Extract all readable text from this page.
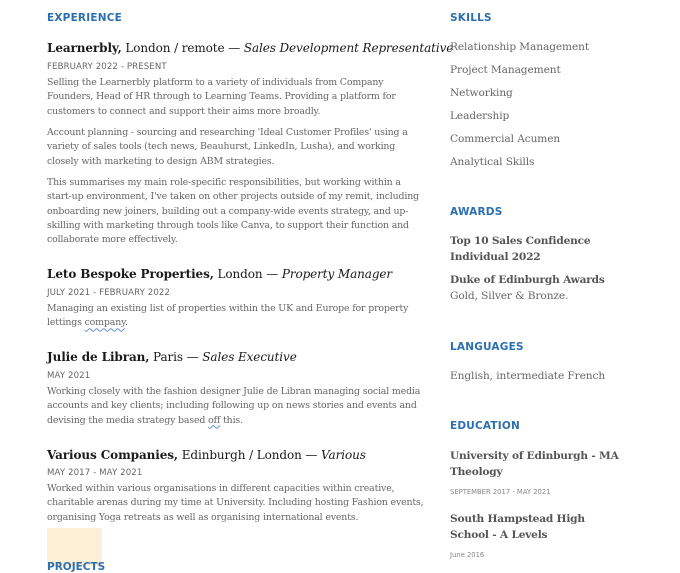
EXPERIENCE
Learnerbly, London / remote — Sales Development Representative
FEBRUARY 2022 - PRESENT
Selling the Learnerbly platform to a variety of individuals from Company Founders, Head of HR through to Learning Teams. Providing a platform for customers to connect and support their aims more broadly.
Account planning - sourcing and researching 'Ideal Customer Profiles' using a variety of sales tools (tech news, Beauhurst, LinkedIn, Lusha), and working closely with marketing to design ABM strategies.
This summarises my main role-specific responsibilities, but working within a start-up environment, I've taken on other projects outside of my remit, including onboarding new joiners, building out a company-wide events strategy, and up-skilling with marketing through tools like Canva, to support their function and collaborate more effectively.
Leto Bespoke Properties, London — Property Manager
JULY 2021 - FEBRUARY 2022
Managing an existing list of properties within the UK and Europe for property lettings company.
Julie de Libran, Paris — Sales Executive
MAY 2021
Working closely with the fashion designer Julie de Libran managing social media accounts and key clients; including following up on news stories and events and devising the media strategy based off this.
Various Companies, Edinburgh / London — Various
MAY 2017 - MAY 2021
Worked within various organisations in different capacities within creative, charitable arenas during my time at University. Including hosting Fashion events, organising Yoga retreats as well as organising international events.
PROJECTS
SKILLS
Relationship Management
Project Management
Networking
Leadership
Commercial Acumen
Analytical Skills
AWARDS
Top 10 Sales Confidence Individual 2022
Duke of Edinburgh Awards
Gold, Silver & Bronze.
LANGUAGES
English, intermediate French
EDUCATION
University of Edinburgh - MA Theology
SEPTEMBER 2017 - MAY 2021
South Hampstead High School - A Levels
June 2016
